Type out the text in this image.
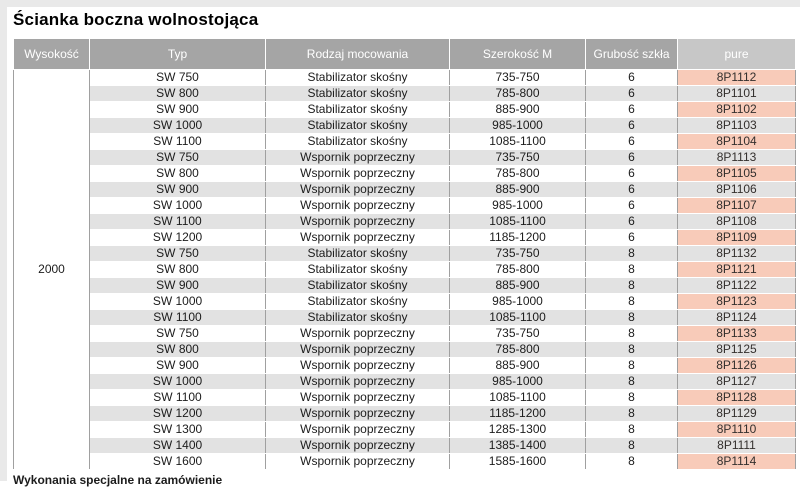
Ścianka boczna wolnostojąca
Wysokość	Typ	Rodzaj mocowania	Szerokość M	Grubość szkła	pure
2000	SW 750	Stabilizator skośny	735-750	6	8P1112
	SW 800	Stabilizator skośny	785-800	6	8P1101
	SW 900	Stabilizator skośny	885-900	6	8P1102
	SW 1000	Stabilizator skośny	985-1000	6	8P1103
	SW 1100	Stabilizator skośny	1085-1100	6	8P1104
	SW 750	Wspornik poprzeczny	735-750	6	8P1113
	SW 800	Wspornik poprzeczny	785-800	6	8P1105
	SW 900	Wspornik poprzeczny	885-900	6	8P1106
	SW 1000	Wspornik poprzeczny	985-1000	6	8P1107
	SW 1100	Wspornik poprzeczny	1085-1100	6	8P1108
	SW 1200	Wspornik poprzeczny	1185-1200	6	8P1109
	SW 750	Stabilizator skośny	735-750	8	8P1132
	SW 800	Stabilizator skośny	785-800	8	8P1121
	SW 900	Stabilizator skośny	885-900	8	8P1122
	SW 1000	Stabilizator skośny	985-1000	8	8P1123
	SW 1100	Stabilizator skośny	1085-1100	8	8P1124
	SW 750	Wspornik poprzeczny	735-750	8	8P1133
	SW 800	Wspornik poprzeczny	785-800	8	8P1125
	SW 900	Wspornik poprzeczny	885-900	8	8P1126
	SW 1000	Wspornik poprzeczny	985-1000	8	8P1127
	SW 1100	Wspornik poprzeczny	1085-1100	8	8P1128
	SW 1200	Wspornik poprzeczny	1185-1200	8	8P1129
	SW 1300	Wspornik poprzeczny	1285-1300	8	8P1110
	SW 1400	Wspornik poprzeczny	1385-1400	8	8P1111
	SW 1600	Wspornik poprzeczny	1585-1600	8	8P1114
Wykonania specjalne na zamówienie
